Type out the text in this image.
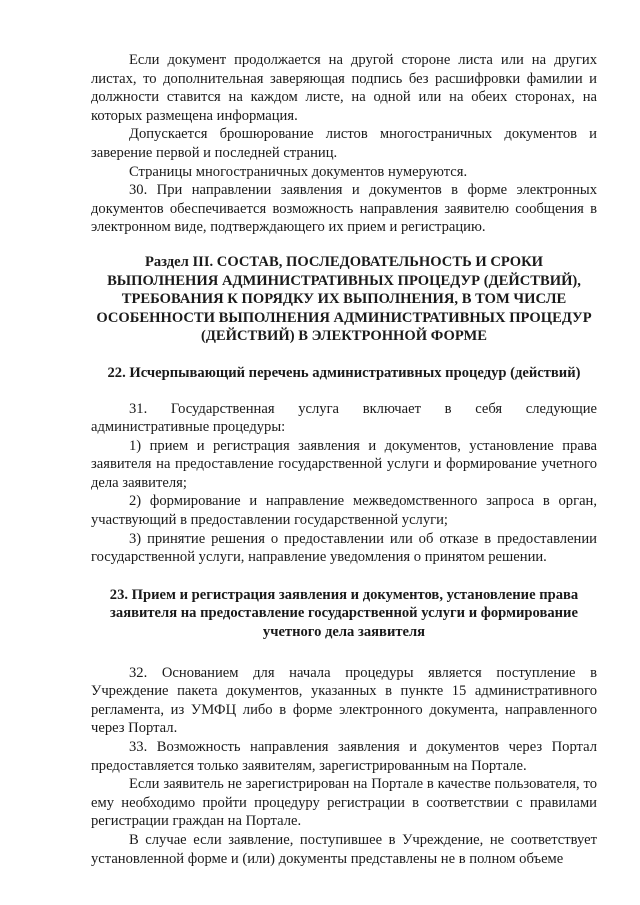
Если документ продолжается на другой стороне листа или на других листах, то дополнительная заверяющая подпись без расшифровки фамилии и должности ставится на каждом листе, на одной или на обеих сторонах, на которых размещена информация.

Допускается брошюрование листов многостраничных документов и заверение первой и последней страниц.

Страницы многостраничных документов нумеруются.

30. При направлении заявления и документов в форме электронных документов обеспечивается возможность направления заявителю сообщения в электронном виде, подтверждающего их прием и регистрацию.

Раздел III. СОСТАВ, ПОСЛЕДОВАТЕЛЬНОСТЬ И СРОКИ ВЫПОЛНЕНИЯ АДМИНИСТРАТИВНЫХ ПРОЦЕДУР (ДЕЙСТВИЙ), ТРЕБОВАНИЯ К ПОРЯДКУ ИХ ВЫПОЛНЕНИЯ, В ТОМ ЧИСЛЕ ОСОБЕННОСТИ ВЫПОЛНЕНИЯ АДМИНИСТРАТИВНЫХ ПРОЦЕДУР (ДЕЙСТВИЙ) В ЭЛЕКТРОННОЙ ФОРМЕ
22. Исчерпывающий перечень административных процедур (действий)

31. Государственная услуга включает в себя следующие административные процедуры:

1) прием и регистрация заявления и документов, установление права заявителя на предоставление государственной услуги и формирование учетного дела заявителя;

2) формирование и направление межведомственного запроса в орган, участвующий в предоставлении государственной услуги;

3) принятие решения о предоставлении или об отказе в предоставлении государственной услуги, направление уведомления о принятом решении.

23. Прием и регистрация заявления и документов, установление права заявителя на предоставление государственной услуги и формирование учетного дела заявителя

32. Основанием для начала процедуры является поступление в Учреждение пакета документов, указанных в пункте 15 административного регламента, из УМФЦ либо в форме электронного документа, направленного через Портал.

33. Возможность направления заявления и документов через Портал предоставляется только заявителям, зарегистрированным на Портале.

Если заявитель не зарегистрирован на Портале в качестве пользователя, то ему необходимо пройти процедуру регистрации в соответствии с правилами регистрации граждан на Портале.

В случае если заявление, поступившее в Учреждение, не соответствует установленной форме и (или) документы представлены не в полном объеме
